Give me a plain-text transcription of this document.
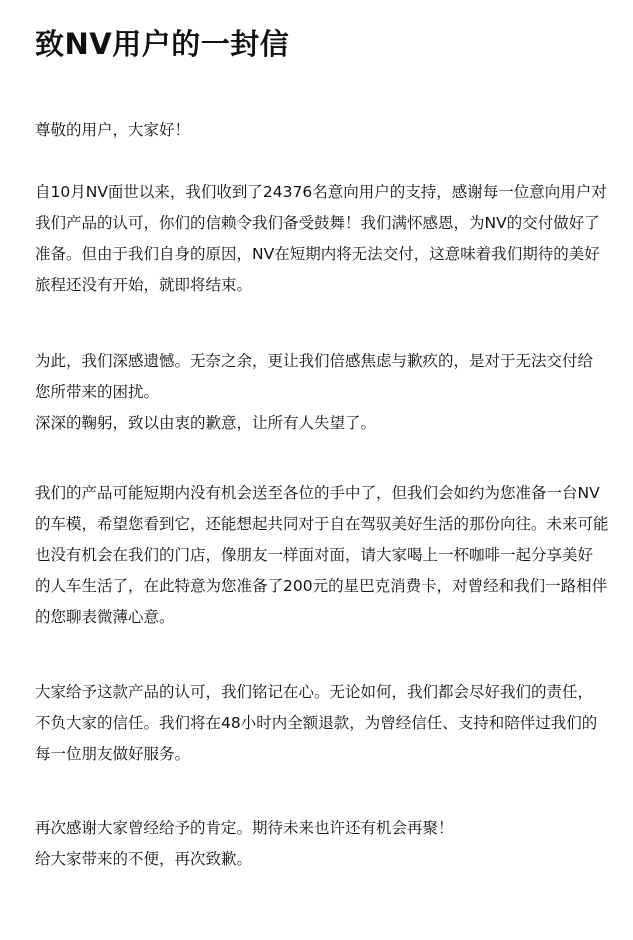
致NV用户的一封信
尊敬的用户，大家好！
自10月NV面世以来，我们收到了24376名意向用户的支持，感谢每一位意向用户对
我们产品的认可，你们的信赖令我们备受鼓舞！我们满怀感恩，为NV的交付做好了
准备。但由于我们自身的原因，NV在短期内将无法交付，这意味着我们期待的美好
旅程还没有开始，就即将结束。
为此，我们深感遗憾。无奈之余，更让我们倍感焦虑与歉疚的，是对于无法交付给
您所带来的困扰。
深深的鞠躬，致以由衷的歉意，让所有人失望了。
我们的产品可能短期内没有机会送至各位的手中了，但我们会如约为您准备一台NV
的车模，希望您看到它，还能想起共同对于自在驾驭美好生活的那份向往。未来可能
也没有机会在我们的门店，像朋友一样面对面，请大家喝上一杯咖啡一起分享美好
的人车生活了，在此特意为您准备了200元的星巴克消费卡，对曾经和我们一路相伴
的您聊表微薄心意。
大家给予这款产品的认可，我们铭记在心。无论如何，我们都会尽好我们的责任，
不负大家的信任。我们将在48小时内全额退款，为曾经信任、支持和陪伴过我们的
每一位朋友做好服务。
再次感谢大家曾经给予的肯定。期待未来也许还有机会再聚！
给大家带来的不便，再次致歉。
